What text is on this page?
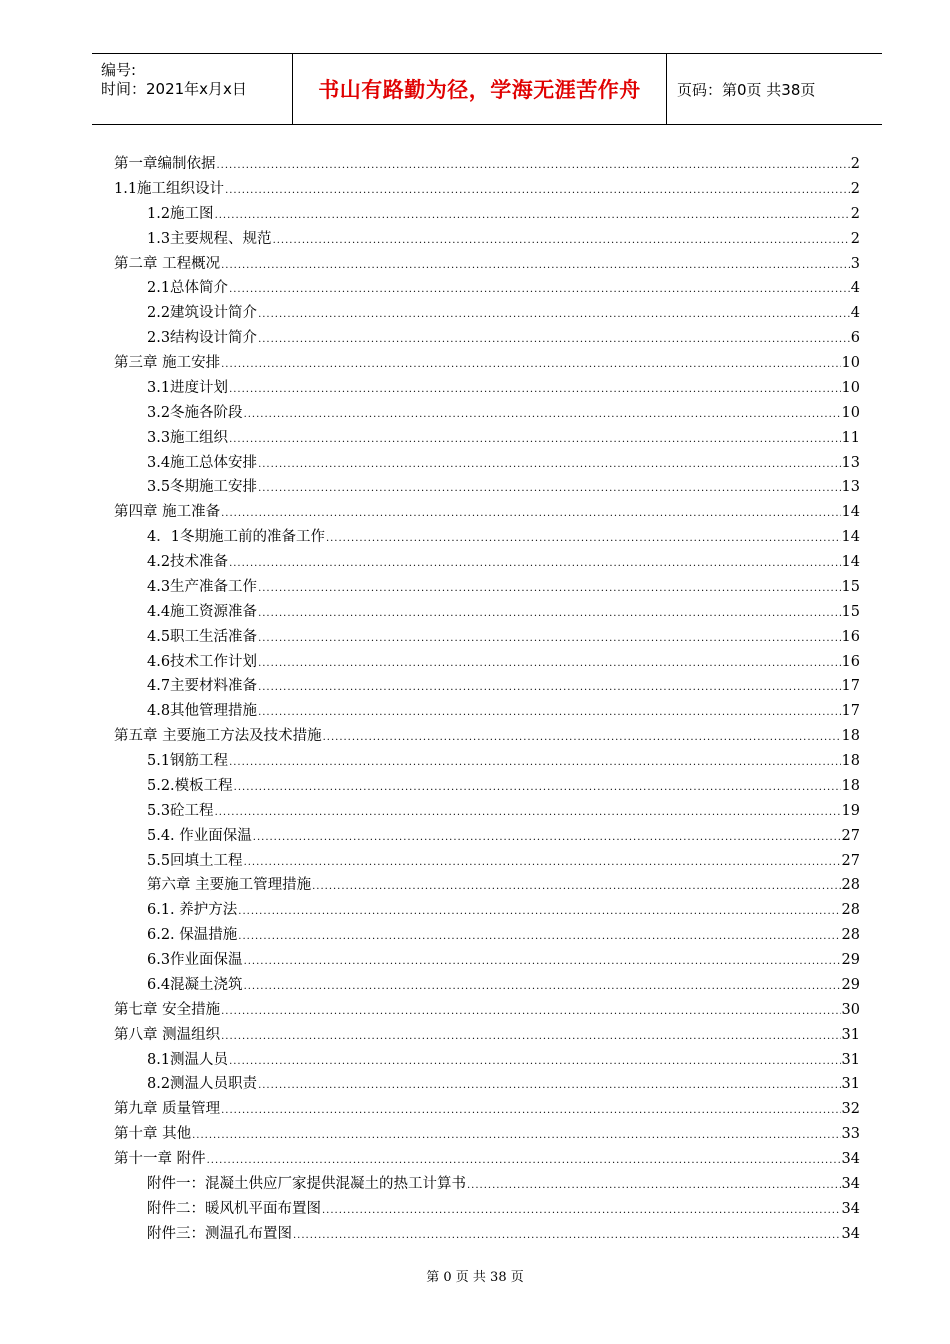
编号:
时间：2021年x月x日	书山有路勤为径，学海无涯苦作舟 页码：第0页 共38页
第一章编制依据 .....	2
1.1施工组织设计 .....	2
1.2施工图 .....	2
1.3主要规程、规范 .....	2
第二章 工程概况 .....	3
2.1总体简介 .....	4
2.2建筑设计简介 .....	4
2.3结构设计简介 .....	6
第三章 施工安排 .....	10
3.1进度计划 .....	10
3.2冬施各阶段 .....	10
3.3施工组织 .....	11
3.4施工总体安排 .....	13
3.5冬期施工安排 .....	13
第四章 施工准备 .....	14
4．1冬期施工前的准备工作 .....	14
4.2技术准备 .....	14
4.3生产准备工作 .....	15
4.4施工资源准备 .....	15
4.5职工生活准备 .....	16
4.6技术工作计划 .....	16
4.7主要材料准备 .....	17
4.8其他管理措施 .....	17
第五章 主要施工方法及技术措施 .....	18
5.1钢筋工程 .....	18
5.2.模板工程 .....	18
5.3砼工程 .....	19
5.4. 作业面保温 .....	27
5.5回填土工程 .....	27
第六章 主要施工管理措施 .....	28
6.1. 养护方法 .....	28
6.2. 保温措施 .....	28
6.3作业面保温 .....	29
6.4混凝土浇筑 .....	29
第七章 安全措施 .....	30
第八章 测温组织 .....	31
8.1测温人员 .....	31
8.2测温人员职责 .....	31
第九章 质量管理 .....	32
第十章 其他 .....	33
第十一章 附件 .....	34
附件一：混凝土供应厂家提供混凝土的热工计算书 .....	34
附件二：暖风机平面布置图 .....	34
附件三：测温孔布置图 .....	34
第 0 页 共 38 页
